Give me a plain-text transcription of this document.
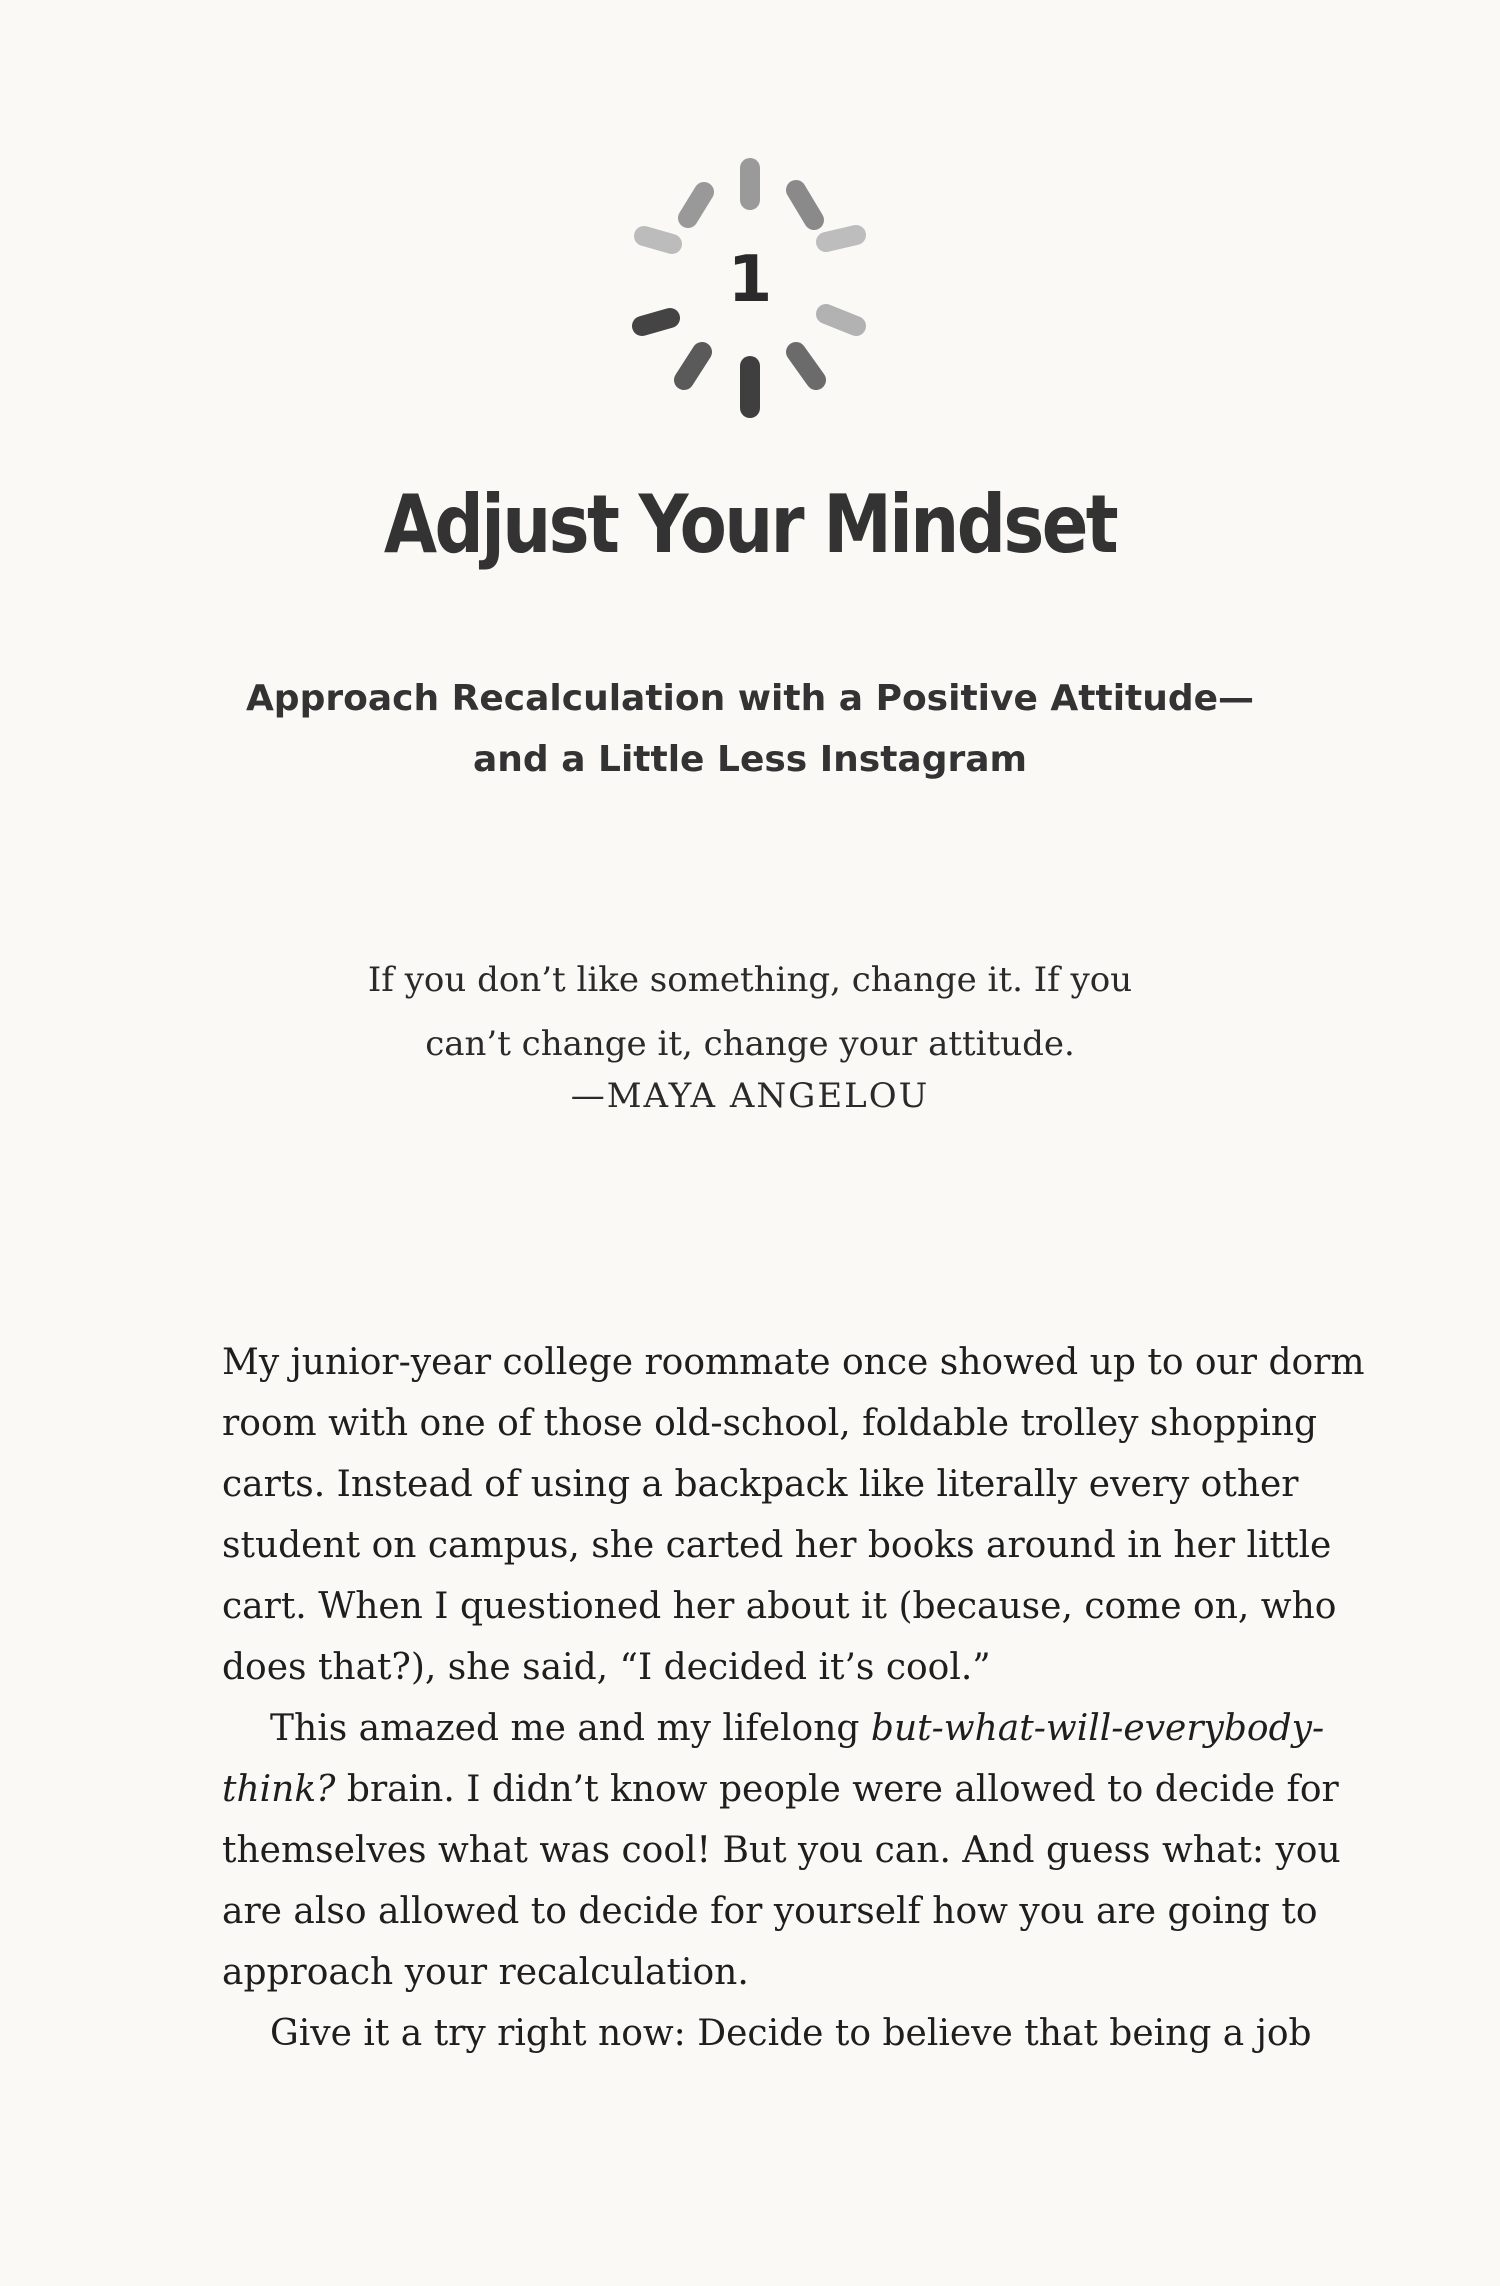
1
Adjust Your Mindset
Approach Recalculation with a Positive Attitude—
and a Little Less Instagram
If you don’t like something, change it. If you
can’t change it, change your attitude.
—MAYA ANGELOU
My junior-year college roommate once showed up to our dorm
room with one of those old-school, foldable trolley shopping
carts. Instead of using a backpack like literally every other
student on campus, she carted her books around in her little
cart. When I questioned her about it (because, come on, who
does that?), she said, “I decided it’s cool.”
This amazed me and my lifelong but-what-will-everybody-
think? brain. I didn’t know people were allowed to decide for
themselves what was cool! But you can. And guess what: you
are also allowed to decide for yourself how you are going to
approach your recalculation.
Give it a try right now: Decide to believe that being a job
